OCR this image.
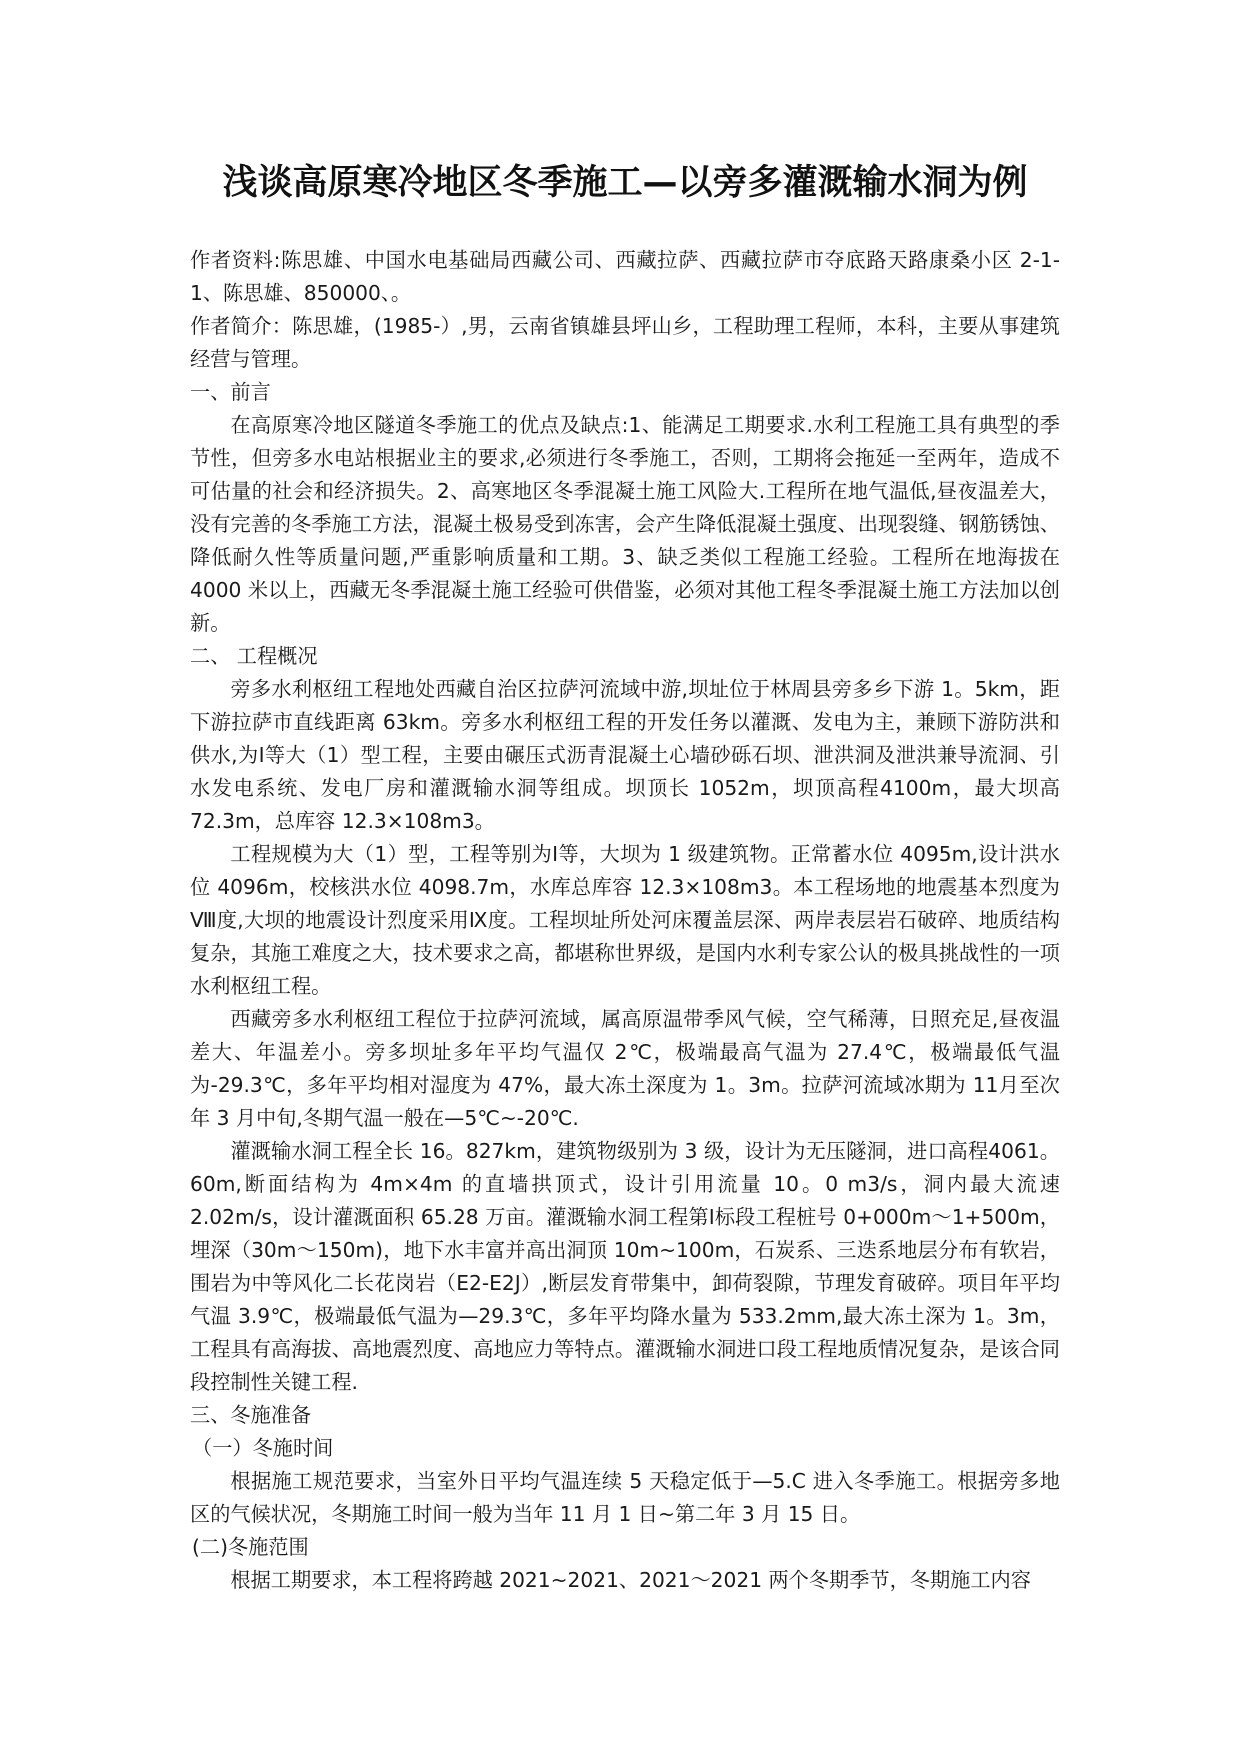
浅谈高原寒冷地区冬季施工—以旁多灌溉输水洞为例

作者资料:陈思雄、中国水电基础局西藏公司、西藏拉萨、西藏拉萨市夺底路天路康桑小区 2-1-1、陈思雄、850000、。

作者简介：陈思雄，(1985-）,男，云南省镇雄县坪山乡，工程助理工程师，本科，主要从事建筑经营与管理。

一、前言

在高原寒冷地区隧道冬季施工的优点及缺点:1、能满足工期要求.水利工程施工具有典型的季节性，但旁多水电站根据业主的要求,必须进行冬季施工，否则，工期将会拖延一至两年，造成不可估量的社会和经济损失。2、高寒地区冬季混凝土施工风险大.工程所在地气温低,昼夜温差大，没有完善的冬季施工方法，混凝土极易受到冻害，会产生降低混凝土强度、出现裂缝、钢筋锈蚀、降低耐久性等质量问题,严重影响质量和工期。3、缺乏类似工程施工经验。工程所在地海拔在 4000 米以上，西藏无冬季混凝土施工经验可供借鉴，必须对其他工程冬季混凝土施工方法加以创新。

二、 工程概况

旁多水利枢纽工程地处西藏自治区拉萨河流域中游,坝址位于林周县旁多乡下游 1。5km，距下游拉萨市直线距离 63km。旁多水利枢纽工程的开发任务以灌溉、发电为主，兼顾下游防洪和供水,为Ⅰ等大（1）型工程，主要由碾压式沥青混凝土心墙砂砾石坝、泄洪洞及泄洪兼导流洞、引水发电系统、发电厂房和灌溉输水洞等组成。坝顶长 1052m，坝顶高程4100m，最大坝高 72.3m，总库容 12.3×108m3。

工程规模为大（1）型，工程等别为Ⅰ等，大坝为 1 级建筑物。正常蓄水位 4095m,设计洪水位 4096m，校核洪水位 4098.7m，水库总库容 12.3×108m3。本工程场地的地震基本烈度为Ⅷ度,大坝的地震设计烈度采用Ⅸ度。工程坝址所处河床覆盖层深、两岸表层岩石破碎、地质结构复杂，其施工难度之大，技术要求之高，都堪称世界级，是国内水利专家公认的极具挑战性的一项水利枢纽工程。

西藏旁多水利枢纽工程位于拉萨河流域，属高原温带季风气候，空气稀薄，日照充足,昼夜温差大、年温差小。旁多坝址多年平均气温仅 2℃，极端最高气温为 27.4℃，极端最低气温为-29.3℃，多年平均相对湿度为 47%，最大冻土深度为 1。3m。拉萨河流域冰期为 11月至次年 3 月中旬,冬期气温一般在—5℃~-20℃.

灌溉输水洞工程全长 16。827km，建筑物级别为 3 级，设计为无压隧洞，进口高程4061。60m,断面结构为 4m×4m 的直墙拱顶式，设计引用流量 10。0 m3/s，洞内最大流速2.02m/s，设计灌溉面积 65.28 万亩。灌溉输水洞工程第Ⅰ标段工程桩号 0+000m～1+500m，埋深（30m～150m)，地下水丰富并高出洞顶 10m~100m，石炭系、三迭系地层分布有软岩，围岩为中等风化二长花岗岩（E2-E2J）,断层发育带集中，卸荷裂隙，节理发育破碎。项目年平均气温 3.9℃，极端最低气温为—29.3℃，多年平均降水量为 533.2mm,最大冻土深为 1。3m，工程具有高海拔、高地震烈度、高地应力等特点。灌溉输水洞进口段工程地质情况复杂，是该合同段控制性关键工程.

三、冬施准备

（一）冬施时间

根据施工规范要求，当室外日平均气温连续 5 天稳定低于—5.C 进入冬季施工。根据旁多地区的气候状况，冬期施工时间一般为当年 11 月 1 日~第二年 3 月 15 日。

(二)冬施范围

根据工期要求，本工程将跨越 2021~2021、2021～2021 两个冬期季节，冬期施工内容
